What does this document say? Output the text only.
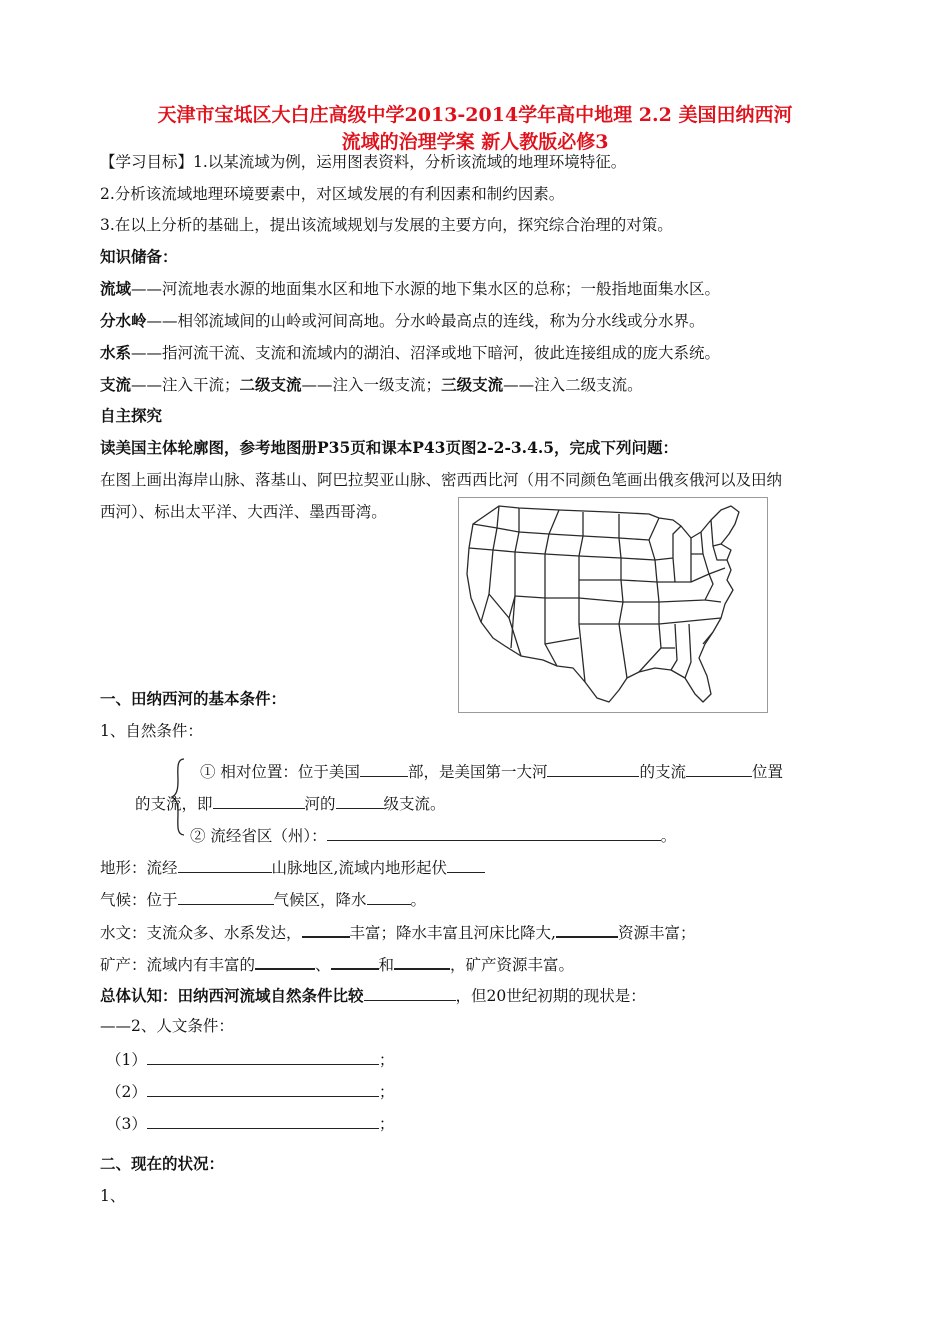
天津市宝坻区大白庄高级中学2013-2014学年高中地理 2.2 美国田纳西河
流域的治理学案 新人教版必修3
【学习目标】1.以某流域为例，运用图表资料，分析该流域的地理环境特征。
2.分析该流域地理环境要素中，对区域发展的有利因素和制约因素。
3.在以上分析的基础上，提出该流域规划与发展的主要方向，探究综合治理的对策。
知识储备：
流域——河流地表水源的地面集水区和地下水源的地下集水区的总称；一般指地面集水区。
分水岭——相邻流域间的山岭或河间高地。分水岭最高点的连线，称为分水线或分水界。
水系——指河流干流、支流和流域内的湖泊、沼泽或地下暗河，彼此连接组成的庞大系统。
支流——注入干流；二级支流——注入一级支流；三级支流——注入二级支流。
自主探究
读美国主体轮廓图，参考地图册P35页和课本P43页图2-2-3.4.5，完成下列问题：
在图上画出海岸山脉、落基山、阿巴拉契亚山脉、密西西比河（用不同颜色笔画出俄亥俄河以及田纳
西河）、标出太平洋、大西洋、墨西哥湾。
一、田纳西河的基本条件：
1、自然条件：
① 相对位置：位于美国	部，是美国第一大河	的支流	位置
的支流，即	河的	级支流。
② 流经省区（州）：	。
地形：流经	山脉地区,流域内地形起伏
气候：位于	气候区，降水	。
水文：支流众多、水系发达，	丰富；降水丰富且河床比降大,	资源丰富；
矿产：流域内有丰富的	、	和	，矿产资源丰富。
总体认知：田纳西河流域自然条件比较	，但20世纪初期的现状是：
——2、人文条件：
（1）	；
（2）	；
（3）	；
二、现在的状况：
1、
